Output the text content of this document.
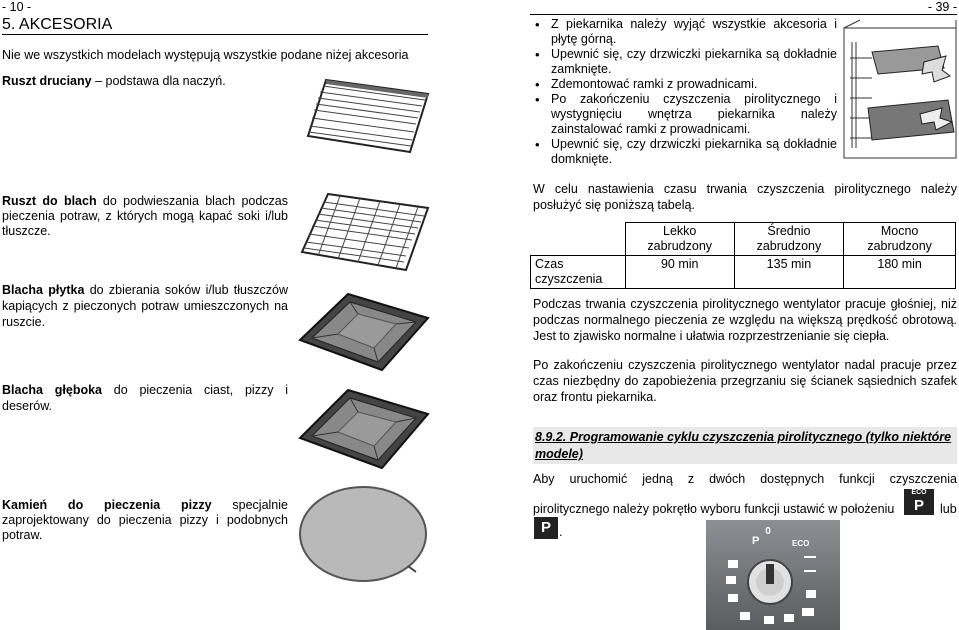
- 10 -
5. AKCESORIA
Nie we wszystkich modelach występują wszystkie podane niżej akcesoria
Ruszt druciany – podstawa dla naczyń.
Ruszt do blach do podwieszania blach podczas pieczenia potraw, z których mogą kapać soki i/lub tłuszcze.
Blacha płytka do zbierania soków i/lub tłuszczów kapiących z pieczonych potraw umieszczonych na ruszcie.
Blacha głęboka do pieczenia ciast, pizzy i deserów.
Kamień do pieczenia pizzy specjalnie zaprojektowany do pieczenia pizzy i podobnych potraw.
- 39 -
• Z piekarnika należy wyjąć wszystkie akcesoria i płytę górną.
• Upewnić się, czy drzwiczki piekarnika są dokładnie zamknięte.
• Zdemontować ramki z prowadnicami.
• Po zakończeniu czyszczenia pirolitycznego i wystygnięciu wnętrza piekarnika należy zainstalować ramki z prowadnicami.
• Upewnić się, czy drzwiczki piekarnika są dokładnie domknięte.
W celu nastawienia czasu trwania czyszczenia pirolitycznego należy posłużyć się poniższą tabelą.
	Lekko zabrudzony	Średnio zabrudzony	Mocno zabrudzony
Czas czyszczenia	90 min	135 min	180 min
Podczas trwania czyszczenia pirolitycznego wentylator pracuje głośniej, niż podczas normalnego pieczenia ze względu na większą prędkość obrotową. Jest to zjawisko normalne i ułatwia rozprzestrzenianie się ciepła.
Po zakończeniu czyszczenia pirolitycznego wentylator nadal pracuje przez czas niezbędny do zapobieżenia przegrzaniu się ścianek sąsiednich szafek oraz frontu piekarnika.
8.9.2. Programowanie cyklu czyszczenia pirolitycznego (tylko niektóre modele)
Aby uruchomić jedną z dwóch dostępnych funkcji czyszczenia
pirolitycznego należy pokrętło wyboru funkcji ustawić w położeniu
ECO
P	lub
P .	0
P	ECO
